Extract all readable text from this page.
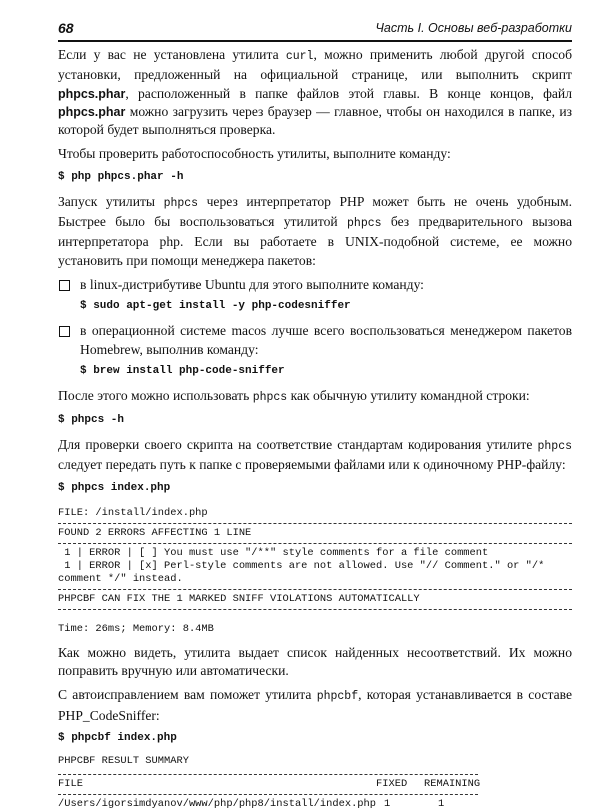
68	Часть I. Основы веб-разработки

Если у вас не установлена утилита curl, можно применить любой другой способ установки, предложенный на официальной странице, или выполнить скрипт phpcs.phar, расположенный в папке файлов этой главы. В конце концов, файл phpcs.phar можно загрузить через браузер — главное, чтобы он находился в папке, из которой будет выполняться проверка.

Чтобы проверить работоспособность утилиты, выполните команду:

$ php phpcs.phar -h

Запуск утилиты phpcs через интерпретатор PHP может быть не очень удобным. Быстрее было бы воспользоваться утилитой phpcs без предварительного вызова интерпретатора php. Если вы работаете в UNIX-подобной системе, ее можно установить при помощи менеджера пакетов:

в linux-дистрибутиве Ubuntu для этого выполните команду:
$ sudo apt-get install -y php-codesniffer
в операционной системе macos лучше всего воспользоваться менеджером пакетов Homebrew, выполнив команду:
$ brew install php-code-sniffer

После этого можно использовать phpcs как обычную утилиту командной строки:

$ phpcs -h

Для проверки своего скрипта на соответствие стандартам кодирования утилите phpcs следует передать путь к папке с проверяемыми файлами или к одиночному PHP-файлу:

$ phpcs index.php
FILE: /install/index.php
FOUND 2 ERRORS AFFECTING 1 LINE
1 | ERROR | [ ] You must use "/**" style comments for a file comment
1 | ERROR | [x] Perl-style comments are not allowed. Use "// Comment." or "/*
comment */" instead.
PHPCBF CAN FIX THE 1 MARKED SNIFF VIOLATIONS AUTOMATICALLY
Time: 26ms; Memory: 8.4MB

Как можно видеть, утилита выдает список найденных несоответствий. Их можно поправить вручную или автоматически.

С автоисправлением вам поможет утилита phpcbf, которая устанавливается в составе PHP_CodeSniffer:

$ phpcbf index.php
PHPCBF RESULT SUMMARY
FILE	FIXED	REMAINING
/Users/igorsimdyanov/www/php/php8/install/index.php 1	1
